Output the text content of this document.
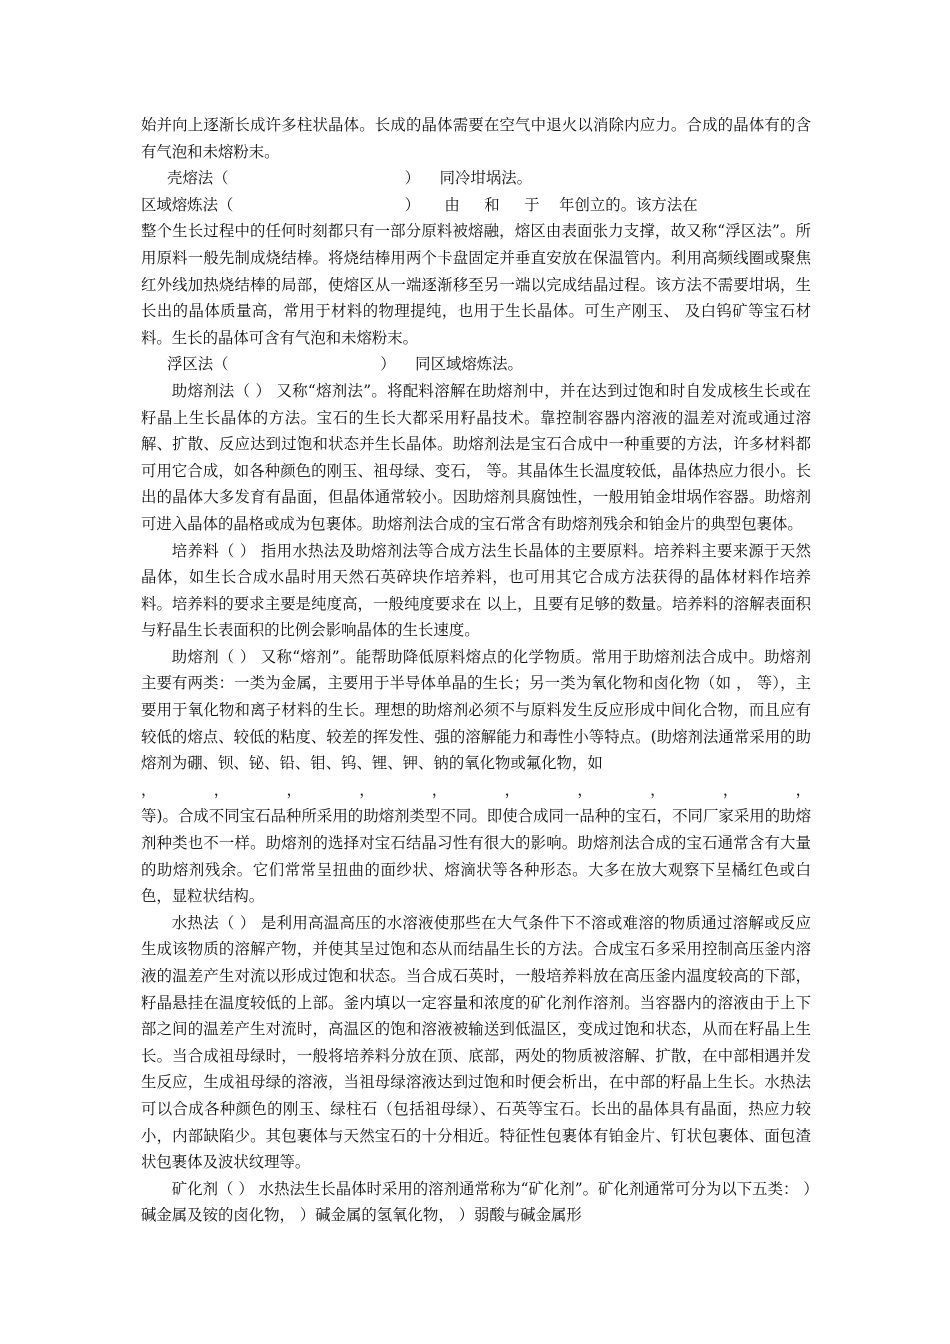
始并向上逐渐长成许多柱状晶体。长成的晶体需要在空气中退火以消除内应力。合成的晶体有的含有气泡和未熔粉末。

壳熔法（                                    ）    同冷坩埚法。
区域熔炼法（                                   ）     由     和     于    年创立的。该方法在

整个生长过程中的任何时刻都只有一部分原料被熔融，熔区由表面张力支撑，故又称“浮区法”。所用原料一般先制成烧结棒。将烧结棒用两个卡盘固定并垂直安放在保温管内。利用高频线圈或聚焦红外线加热烧结棒的局部，使熔区从一端逐渐移至另一端以完成结晶过程。该方法不需要坩埚，生长出的晶体质量高，常用于材料的物理提纯，也用于生长晶体。可生产刚玉、 及白钨矿等宝石材料。生长的晶体可含有气泡和未熔粉末。

浮区法（                               ）    同区域熔炼法。

助熔剂法（ ） 又称“熔剂法”。将配料溶解在助熔剂中，并在达到过饱和时自发成核生长或在籽晶上生长晶体的方法。宝石的生长大都采用籽晶技术。靠控制容器内溶液的温差对流或通过溶解、扩散、反应达到过饱和状态并生长晶体。助熔剂法是宝石合成中一种重要的方法，许多材料都可用它合成，如各种颜色的刚玉、祖母绿、变石， 等。其晶体生长温度较低，晶体热应力很小。长出的晶体大多发育有晶面，但晶体通常较小。因助熔剂具腐蚀性，一般用铂金坩埚作容器。助熔剂可进入晶体的晶格或成为包裹体。助熔剂法合成的宝石常含有助熔剂残余和铂金片的典型包裹体。

培养料（ ） 指用水热法及助熔剂法等合成方法生长晶体的主要原料。培养料主要来源于天然晶体，如生长合成水晶时用天然石英碎块作培养料，也可用其它合成方法获得的晶体材料作培养料。培养料的要求主要是纯度高，一般纯度要求在 以上，且要有足够的数量。培养料的溶解表面积与籽晶生长表面积的比例会影响晶体的生长速度。

助熔剂（ ） 又称“熔剂”。能帮助降低原料熔点的化学物质。常用于助熔剂法合成中。助熔剂主要有两类：一类为金属，主要用于半导体单晶的生长；另一类为氧化物和卤化物（如 ， 等），主要用于氧化物和离子材料的生长。理想的助熔剂必须不与原料发生反应形成中间化合物，而且应有较低的熔点、较低的粘度、较差的挥发性、强的溶解能力和毒性小等特点。(助熔剂法通常采用的助熔剂为硼、钡、铋、铅、钼、钨、锂、钾、钠的氧化物或氟化物，如

， ， ， ， ， ， ， ， ， ，

等)。合成不同宝石品种所采用的助熔剂类型不同。即使合成同一品种的宝石，不同厂家采用的助熔剂种类也不一样。助熔剂的选择对宝石结晶习性有很大的影响。助熔剂法合成的宝石通常含有大量的助熔剂残余。它们常常呈扭曲的面纱状、熔滴状等各种形态。大多在放大观察下呈橘红色或白色，显粒状结构。

水热法（ ） 是利用高温高压的水溶液使那些在大气条件下不溶或难溶的物质通过溶解或反应生成该物质的溶解产物，并使其呈过饱和态从而结晶生长的方法。合成宝石多采用控制高压釜内溶液的温差产生对流以形成过饱和状态。当合成石英时，一般培养料放在高压釜内温度较高的下部，籽晶悬挂在温度较低的上部。釜内填以一定容量和浓度的矿化剂作溶剂。当容器内的溶液由于上下部之间的温差产生对流时，高温区的饱和溶液被输送到低温区，变成过饱和状态，从而在籽晶上生长。当合成祖母绿时，一般将培养料分放在顶、底部，两处的物质被溶解、扩散，在中部相遇并发生反应，生成祖母绿的溶液，当祖母绿溶液达到过饱和时便会析出，在中部的籽晶上生长。水热法可以合成各种颜色的刚玉、绿柱石（包括祖母绿）、石英等宝石。长出的晶体具有晶面，热应力较小，内部缺陷少。其包裹体与天然宝石的十分相近。特征性包裹体有铂金片、钉状包裹体、面包渣状包裹体及波状纹理等。

矿化剂（ ） 水热法生长晶体时采用的溶剂通常称为“矿化剂”。矿化剂通常可分为以下五类： ）碱金属及铵的卤化物， ）碱金属的氢氧化物， ）弱酸与碱金属形
